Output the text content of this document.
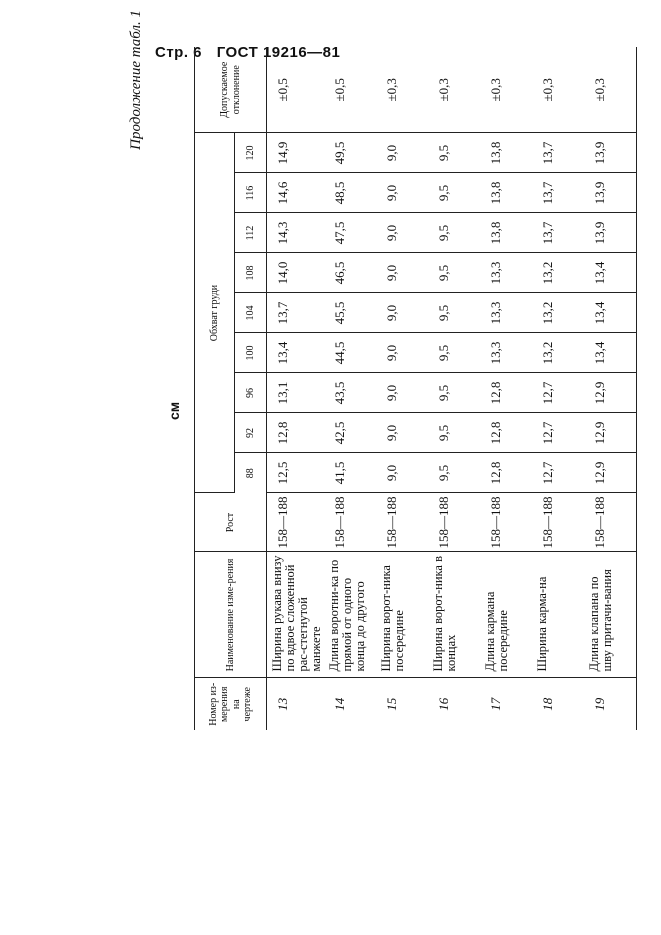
Стр. 6 ГОСТ 19216—81
Продолжение табл. 1
см
Номер из-мерения на чертеже	Наименование изме-рения	Рост	Обхват груди									Допускаемое отклонение
			88	92	96	100	104	108	112	116	120	
13	Ширина рукава внизу по вдвое сложенной рас-стегнутой манжете	158—188	12,5	12,8	13,1	13,4	13,7	14,0	14,3	14,6	14,9	±0,5
14	Длина воротни-ка по прямой от одного конца до другого	158—188	41,5	42,5	43,5	44,5	45,5	46,5	47,5	48,5	49,5	±0,5
15	Ширина ворот-ника посередине	158—188	9,0	9,0	9,0	9,0	9,0	9,0	9,0	9,0	9,0	±0,3
16	Ширина ворот-ника в концах	158—188	9,5	9,5	9,5	9,5	9,5	9,5	9,5	9,5	9,5	±0,3
17	Длина кармана посередине	158—188	12,8	12,8	12,8	13,3	13,3	13,3	13,8	13,8	13,8	±0,3
18	Ширина карма-на	158—188	12,7	12,7	12,7	13,2	13,2	13,2	13,7	13,7	13,7	±0,3
19	Длина клапана по шву притачи-вания	158—188	12,9	12,9	12,9	13,4	13,4	13,4	13,9	13,9	13,9	±0,3
